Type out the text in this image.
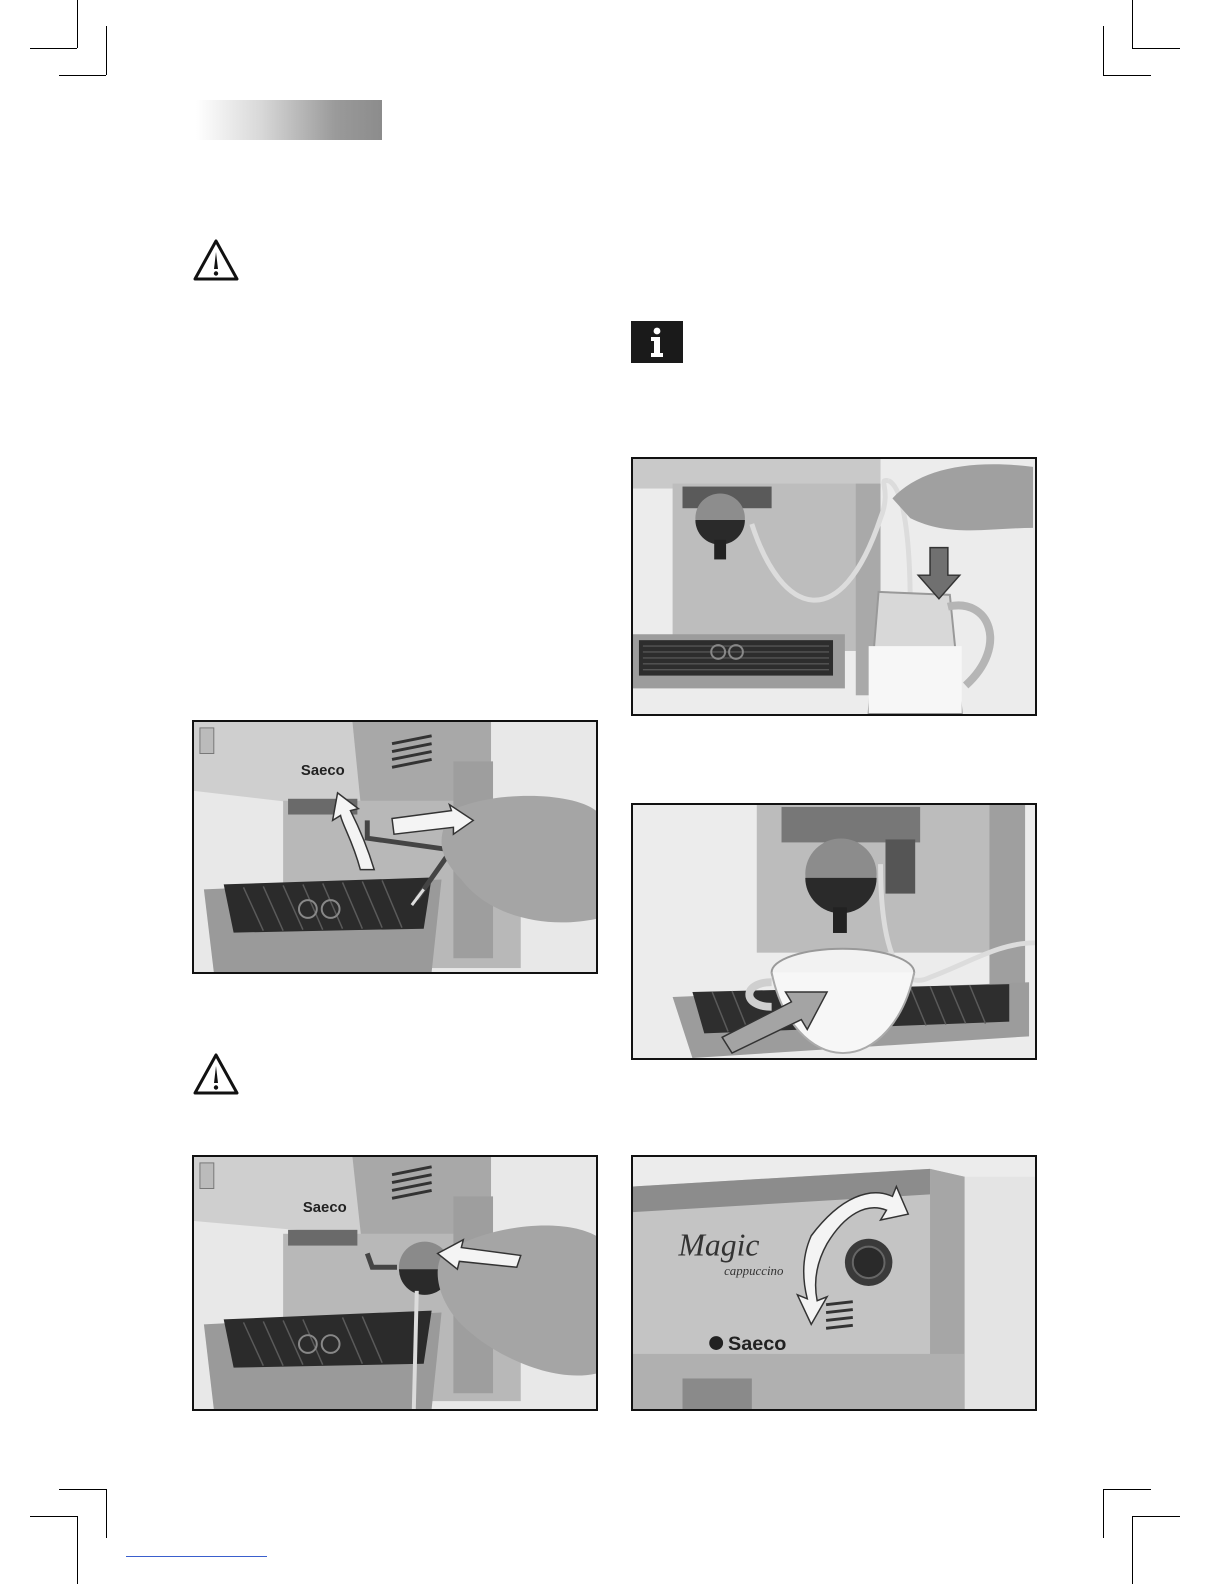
Saeco
Saeco
Magic
cappuccino
Saeco
